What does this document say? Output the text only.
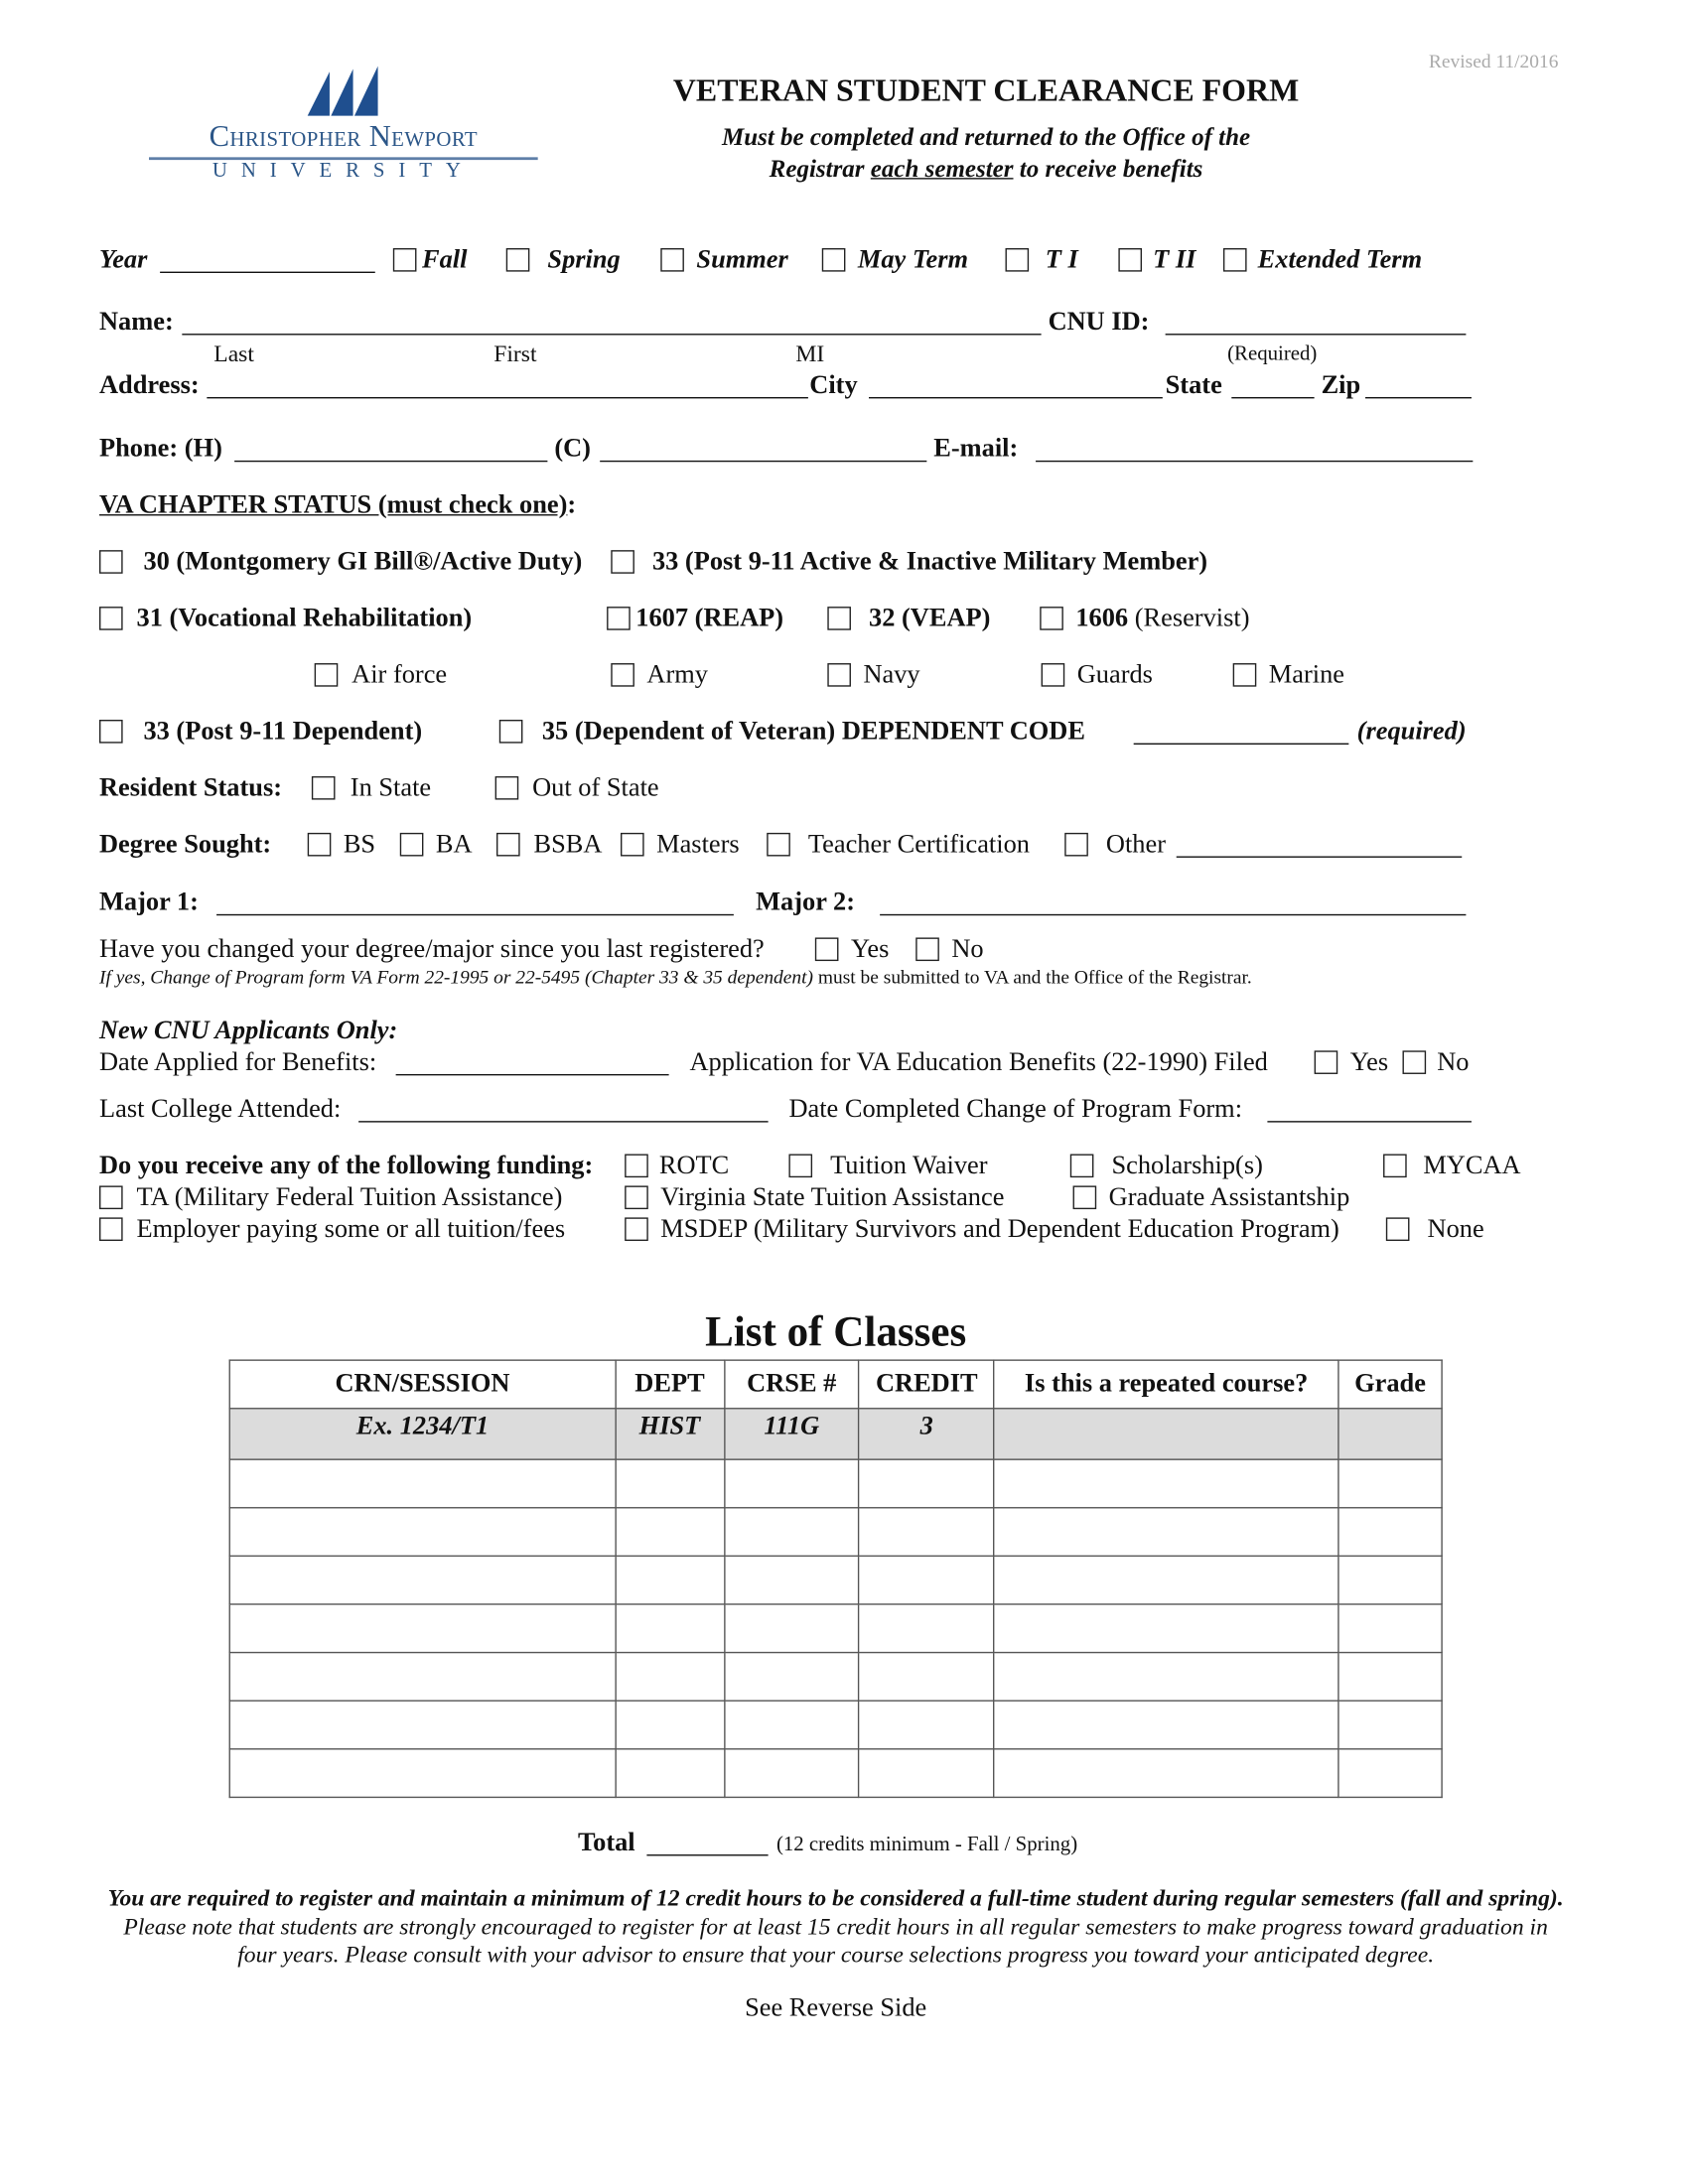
Revised 11/2016
Christopher Newport
UNIVERSITY
VETERAN STUDENT CLEARANCE FORM
Must be completed and returned to the Office of the
Registrar each semester to receive benefits
Year	Fall	Spring	Summer	May Term	T I	T II	Extended Term
Name:	CNU ID:
Last	First	MI	(Required)
Address:	City	State	Zip
Phone: (H)	(C)	E-mail:
VA CHAPTER STATUS (must check one):
30 (Montgomery GI Bill®/Active Duty)	33 (Post 9-11 Active & Inactive Military Member)
31 (Vocational Rehabilitation)	1607 (REAP)	32 (VEAP)	1606 (Reservist)
Air force	Army	Navy	Guards	Marine
33 (Post 9-11 Dependent)	35 (Dependent of Veteran) DEPENDENT CODE	(required)
Resident Status:	In State	Out of State
Degree Sought:	BS	BA	BSBA	Masters	Teacher Certification	Other
Major 1:	Major 2:
Have you changed your degree/major since you last registered?	Yes	No
If yes, Change of Program form VA Form 22-1995 or 22-5495 (Chapter 33 & 35 dependent) must be submitted to VA and the Office of the Registrar.
New CNU Applicants Only:
Date Applied for Benefits:	Application for VA Education Benefits (22-1990) Filed	Yes	No
Last College Attended:	Date Completed Change of Program Form:
Do you receive any of the following funding:	ROTC	Tuition Waiver	Scholarship(s)	MYCAA
TA (Military Federal Tuition Assistance)	Virginia State Tuition Assistance	Graduate Assistantship
Employer paying some or all tuition/fees	MSDEP (Military Survivors and Dependent Education Program)	None
Total	(12 credits minimum - Fall / Spring)
List of Classes
CRN/SESSION	DEPT	CRSE #	CREDIT	Is this a repeated course?	Grade
Ex. 1234/T1	HIST	111G	3		

You are required to register and maintain a minimum of 12 credit hours to be considered a full-time student during regular semesters (fall and spring). Please note that students are strongly encouraged to register for at least 15 credit hours in all regular semesters to make progress toward graduation in four years. Please consult with your advisor to ensure that your course selections progress you toward your anticipated degree.
See Reverse Side
